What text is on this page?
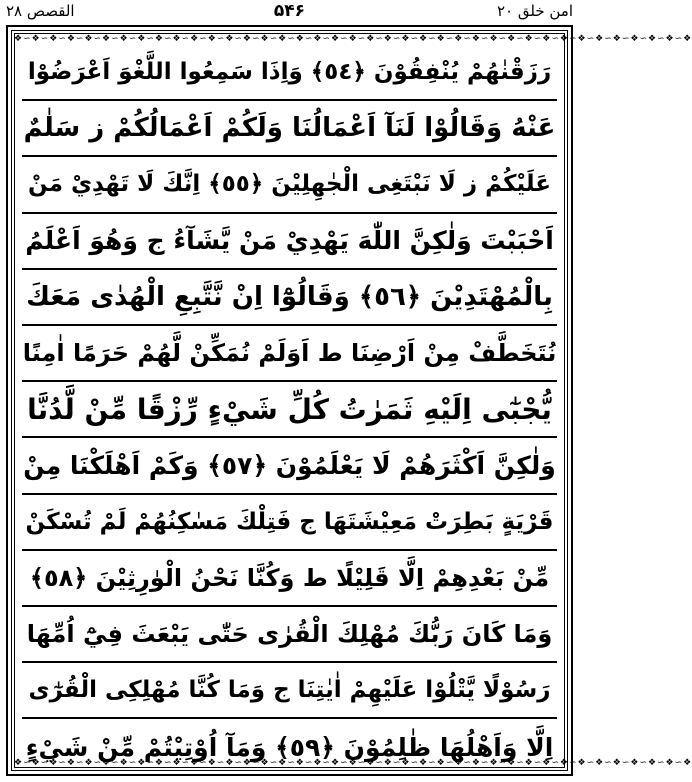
القصص ۲۸	۵۴۶	امن خلق ۲۰
❖∽❖∽❖∽❖∽❖∽❖∽❖∽❖∽❖∽❖∽❖∽❖∽❖∽❖∽❖∽❖∽❖∽❖∽❖∽❖∽❖∽❖∽❖∽❖∽❖∽❖∽❖∽❖∽❖∽❖∽❖∽❖∽❖∽❖∽❖∽❖∽❖∽❖∽❖
❖∽❖∽❖∽❖∽❖∽❖∽❖∽❖∽❖∽❖∽❖∽❖∽❖∽❖∽❖∽❖∽❖∽❖∽❖∽❖∽❖∽❖∽❖∽❖∽❖∽❖∽❖∽❖∽❖∽❖∽❖∽❖∽❖∽❖∽❖∽❖∽❖∽❖∽❖
رَزَقْنٰهُمْ يُنْفِقُوْنَ ﴿٥٤﴾ وَاِذَا سَمِعُوا اللَّغْوَ اَعْرَضُوْا
عَنْهُ وَقَالُوْا لَنَآ اَعْمَالُنَا وَلَكُمْ اَعْمَالُكُمْ ز سَلٰمٌ
عَلَيْكُمْ ز لَا نَبْتَغِى الْجٰهِلِيْنَ ﴿٥٥﴾ اِنَّكَ لَا تَهْدِيْ مَنْ
اَحْبَبْتَ وَلٰكِنَّ اللّٰهَ يَهْدِيْ مَنْ يَّشَآءُ ج وَهُوَ اَعْلَمُ
بِالْمُهْتَدِيْنَ ﴿٥٦﴾ وَقَالُوْٓا اِنْ نَّتَّبِعِ الْهُدٰى مَعَكَ
نُتَخَطَّفْ مِنْ اَرْضِنَا ط اَوَلَمْ نُمَكِّنْ لَّهُمْ حَرَمًا اٰمِنًا
يُّجْبٰٓى اِلَيْهِ ثَمَرٰتُ كُلِّ شَيْءٍ رِّزْقًا مِّنْ لَّدُنَّا
وَلٰكِنَّ اَكْثَرَهُمْ لَا يَعْلَمُوْنَ ﴿٥٧﴾ وَكَمْ اَهْلَكْنَا مِنْ
قَرْيَةٍ بَطِرَتْ مَعِيْشَتَهَا ج فَتِلْكَ مَسٰكِنُهُمْ لَمْ تُسْكَنْ
مِّنْ بَعْدِهِمْ اِلَّا قَلِيْلًا ط وَكُنَّا نَحْنُ الْوٰرِثِيْنَ ﴿٥٨﴾
وَمَا كَانَ رَبُّكَ مُهْلِكَ الْقُرٰى حَتّٰى يَبْعَثَ فِيْٓ اُمِّهَا
رَسُوْلًا يَّتْلُوْا عَلَيْهِمْ اٰيٰتِنَا ج وَمَا كُنَّا مُهْلِكِى الْقُرٰٓى
اِلَّا وَاَهْلُهَا ظٰلِمُوْنَ ﴿٥٩﴾ وَمَآ اُوْتِيْتُمْ مِّنْ شَيْءٍ
